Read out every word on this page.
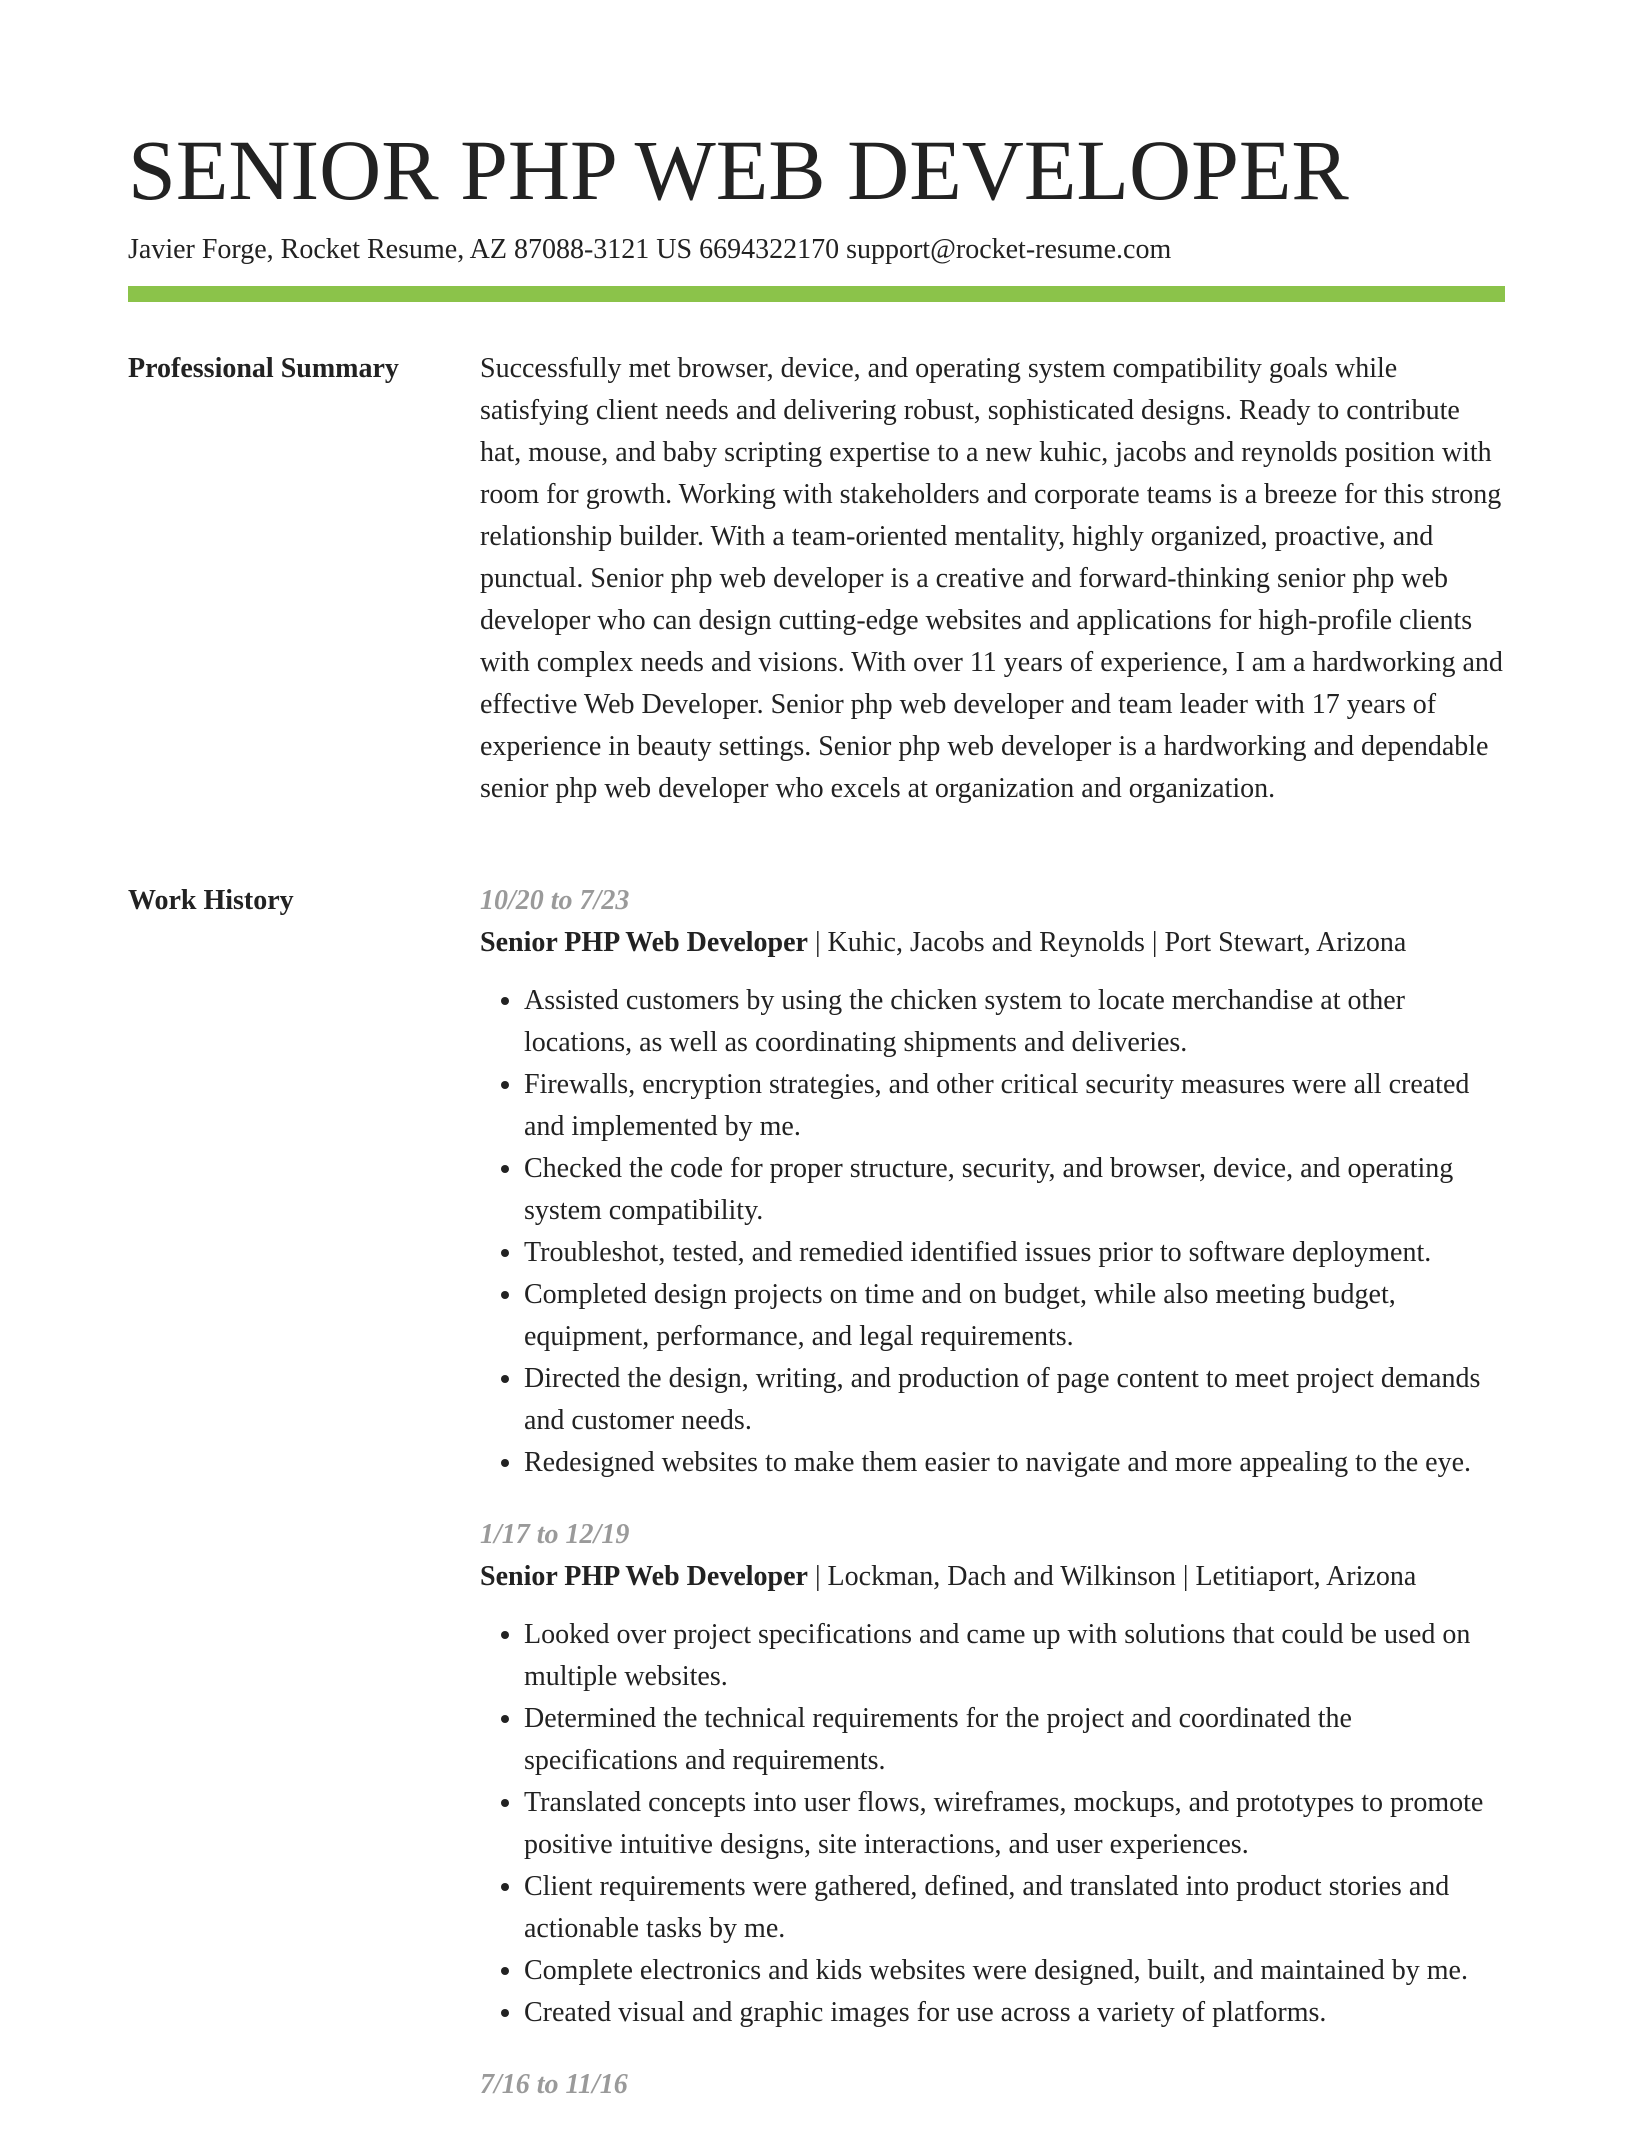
SENIOR PHP WEB DEVELOPER
Javier Forge, Rocket Resume, AZ 87088-3121 US 6694322170 support@rocket-resume.com
Professional Summary	Successfully met browser, device, and operating system compatibility goals while satisfying client needs and delivering robust, sophisticated designs. Ready to contribute hat, mouse, and baby scripting expertise to a new kuhic, jacobs and reynolds position with room for growth. Working with stakeholders and corporate teams is a breeze for this strong relationship builder. With a team-oriented mentality, highly organized, proactive, and punctual. Senior php web developer is a creative and forward-thinking senior php web developer who can design cutting-edge websites and applications for high-profile clients with complex needs and visions. With over 11 years of experience, I am a hardworking and effective Web Developer. Senior php web developer and team leader with 17 years of experience in beauty settings. Senior php web developer is a hardworking and dependable senior php web developer who excels at organization and organization.

Work History	10/20 to 7/23
Senior PHP Web Developer | Kuhic, Jacobs and Reynolds | Port Stewart, Arizona
• Assisted customers by using the chicken system to locate merchandise at other locations, as well as coordinating shipments and deliveries.
• Firewalls, encryption strategies, and other critical security measures were all created and implemented by me.
• Checked the code for proper structure, security, and browser, device, and operating system compatibility.
• Troubleshot, tested, and remedied identified issues prior to software deployment.
• Completed design projects on time and on budget, while also meeting budget, equipment, performance, and legal requirements.
• Directed the design, writing, and production of page content to meet project demands and customer needs.
• Redesigned websites to make them easier to navigate and more appealing to the eye.
1/17 to 12/19
Senior PHP Web Developer | Lockman, Dach and Wilkinson | Letitiaport, Arizona
• Looked over project specifications and came up with solutions that could be used on multiple websites.
• Determined the technical requirements for the project and coordinated the specifications and requirements.
• Translated concepts into user flows, wireframes, mockups, and prototypes to promote positive intuitive designs, site interactions, and user experiences.
• Client requirements were gathered, defined, and translated into product stories and actionable tasks by me.
• Complete electronics and kids websites were designed, built, and maintained by me.
• Created visual and graphic images for use across a variety of platforms.
7/16 to 11/16
